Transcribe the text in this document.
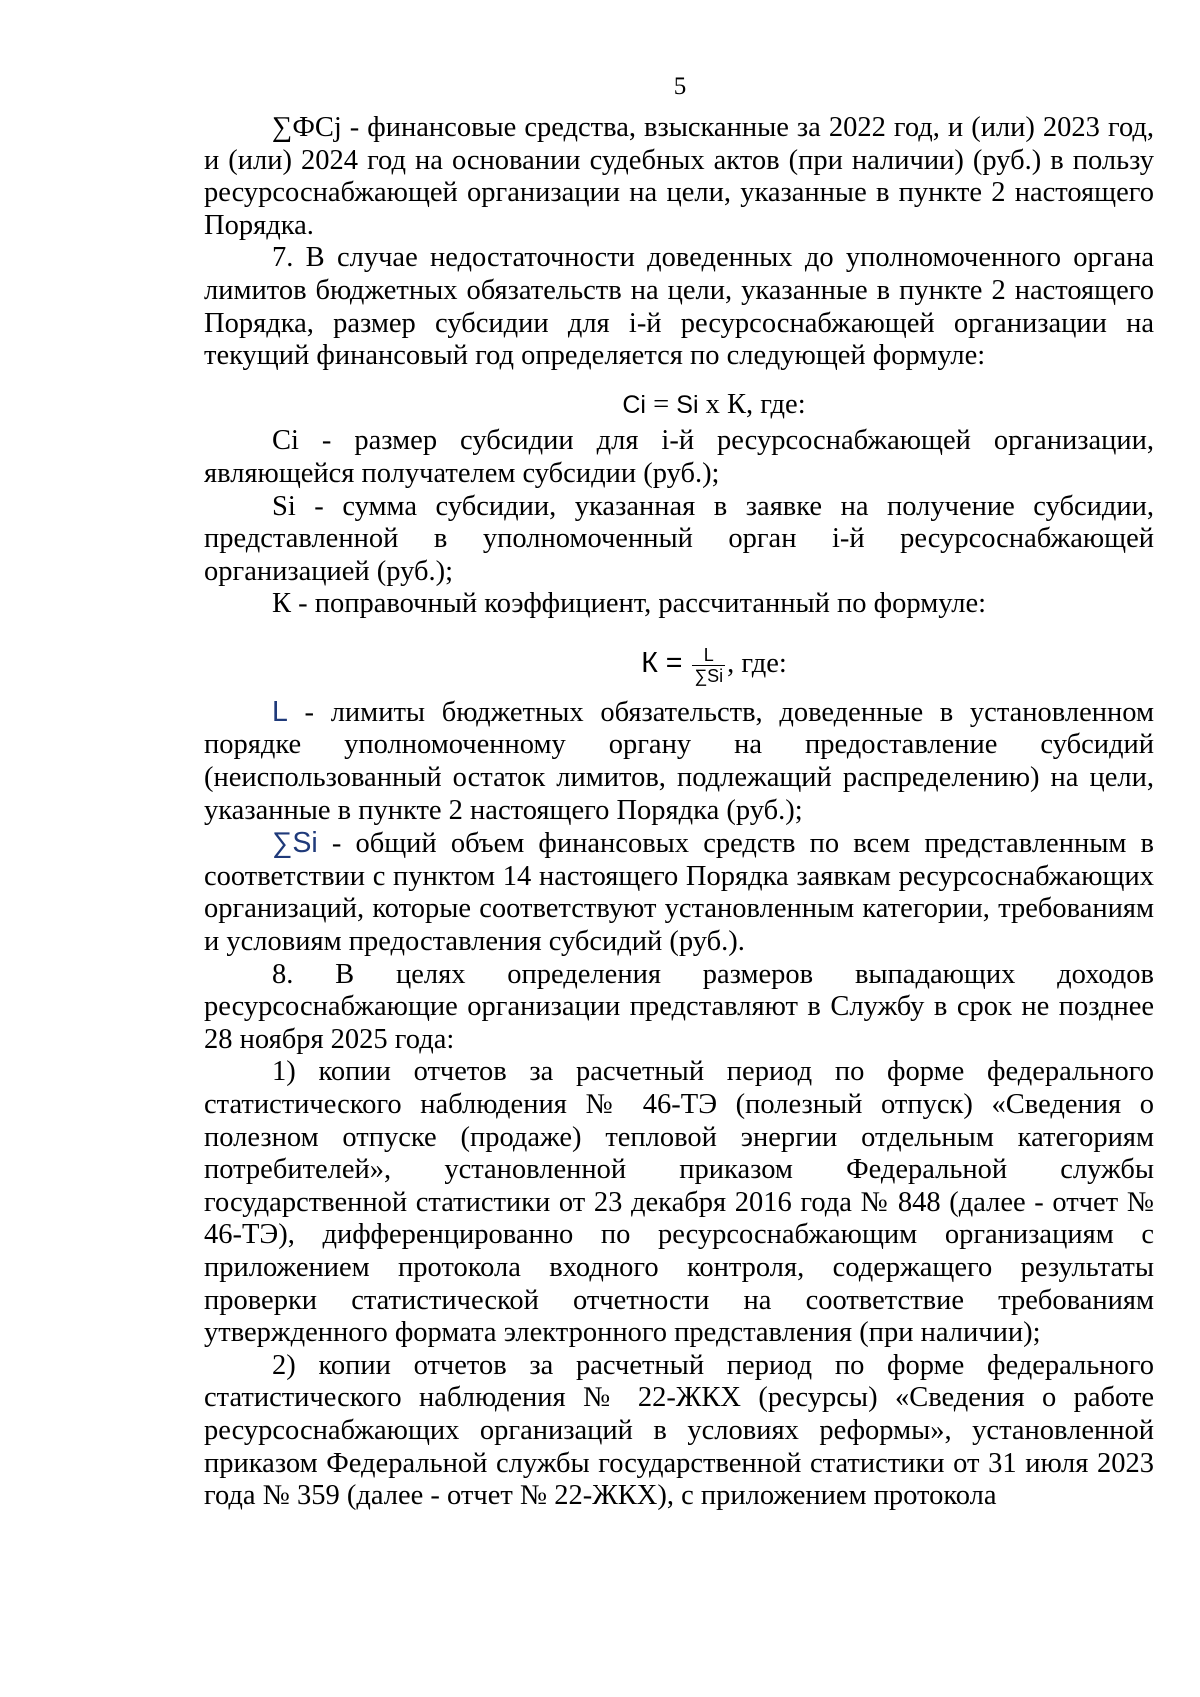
5

∑ФСj - финансовые средства, взысканные за 2022 год, и (или) 2023 год, и (или) 2024 год на основании судебных актов (при наличии) (руб.) в пользу ресурсоснабжающей организации на цели, указанные в пункте 2 настоящего Порядка.

7. В случае недостаточности доведенных до уполномоченного органа лимитов бюджетных обязательств на цели, указанные в пункте 2 настоящего Порядка, размер субсидии для i-й ресурсоснабжающей организации на текущий финансовый год определяется по следующей формуле:

Ci = Si x К, где:

Ci - размер субсидии для i-й ресурсоснабжающей организации, являющейся получателем субсидии (руб.);

Si - сумма субсидии, указанная в заявке на получение субсидии, представленной в уполномоченный орган i-й ресурсоснабжающей организацией (руб.);

К - поправочный коэффициент, рассчитанный по формуле:

$К = \frac{L}{\sum Si}$ , где:

L - лимиты бюджетных обязательств, доведенные в установленном порядке уполномоченному органу на предоставление субсидий (неиспользованный остаток лимитов, подлежащий распределению) на цели, указанные в пункте 2 настоящего Порядка (руб.);

∑Si - общий объем финансовых средств по всем представленным в соответствии с пунктом 14 настоящего Порядка заявкам ресурсоснабжающих организаций, которые соответствуют установленным категории, требованиям и условиям предоставления субсидий (руб.).

8. В целях определения размеров выпадающих доходов ресурсоснабжающие организации представляют в Службу в срок не позднее 28 ноября 2025 года:

1) копии отчетов за расчетный период по форме федерального статистического наблюдения № 46-ТЭ (полезный отпуск) «Сведения о полезном отпуске (продаже) тепловой энергии отдельным категориям потребителей», установленной приказом Федеральной службы государственной статистики от 23 декабря 2016 года № 848 (далее - отчет № 46-ТЭ), дифференцированно по ресурсоснабжающим организациям с приложением протокола входного контроля, содержащего результаты проверки статистической отчетности на соответствие требованиям утвержденного формата электронного представления (при наличии);

2) копии отчетов за расчетный период по форме федерального статистического наблюдения № 22-ЖКХ (ресурсы) «Сведения о работе ресурсоснабжающих организаций в условиях реформы», установленной приказом Федеральной службы государственной статистики от 31 июля 2023 года № 359 (далее - отчет № 22-ЖКХ), с приложением протокола
